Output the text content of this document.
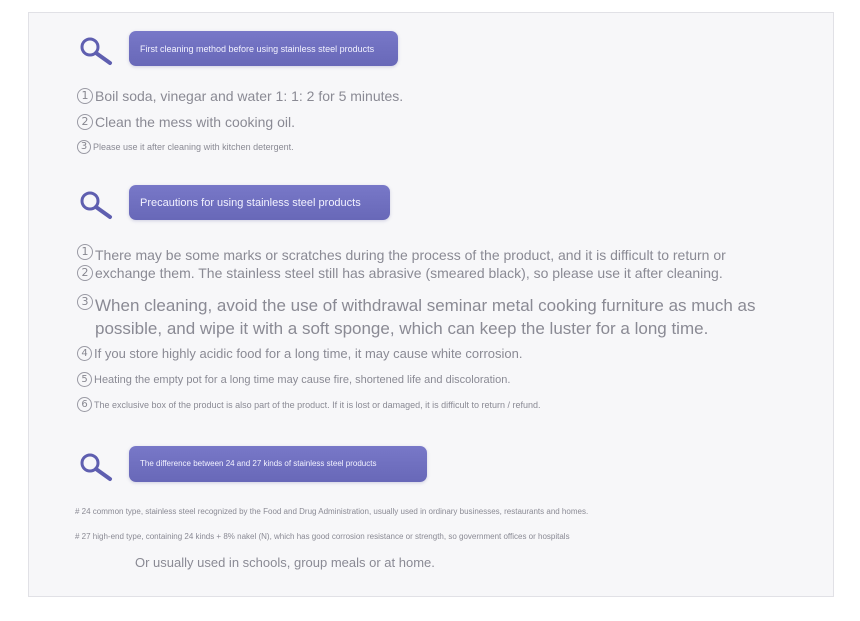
First cleaning method before using stainless steel products
1 Boil soda, vinegar and water 1: 1: 2 for 5 minutes.
2 Clean the mess with cooking oil.
3 Please use it after cleaning with kitchen detergent.
Precautions for using stainless steel products
1 There may be some marks or scratches during the process of the product, and it is difficult to return or
2 exchange them. The stainless steel still has abrasive (smeared black), so please use it after cleaning.
3 When cleaning, avoid the use of withdrawal seminar metal cooking furniture as much as
possible, and wipe it with a soft sponge, which can keep the luster for a long time.
4 If you store highly acidic food for a long time, it may cause white corrosion.
5 Heating the empty pot for a long time may cause fire, shortened life and discoloration.
6 The exclusive box of the product is also part of the product. If it is lost or damaged, it is difficult to return / refund.
The difference between 24 and 27 kinds of stainless steel products
# 24 common type, stainless steel recognized by the Food and Drug Administration, usually used in ordinary businesses, restaurants and homes.
# 27 high-end type, containing 24 kinds + 8% nakel (N), which has good corrosion resistance or strength, so government offices or hospitals
Or usually used in schools, group meals or at home.
